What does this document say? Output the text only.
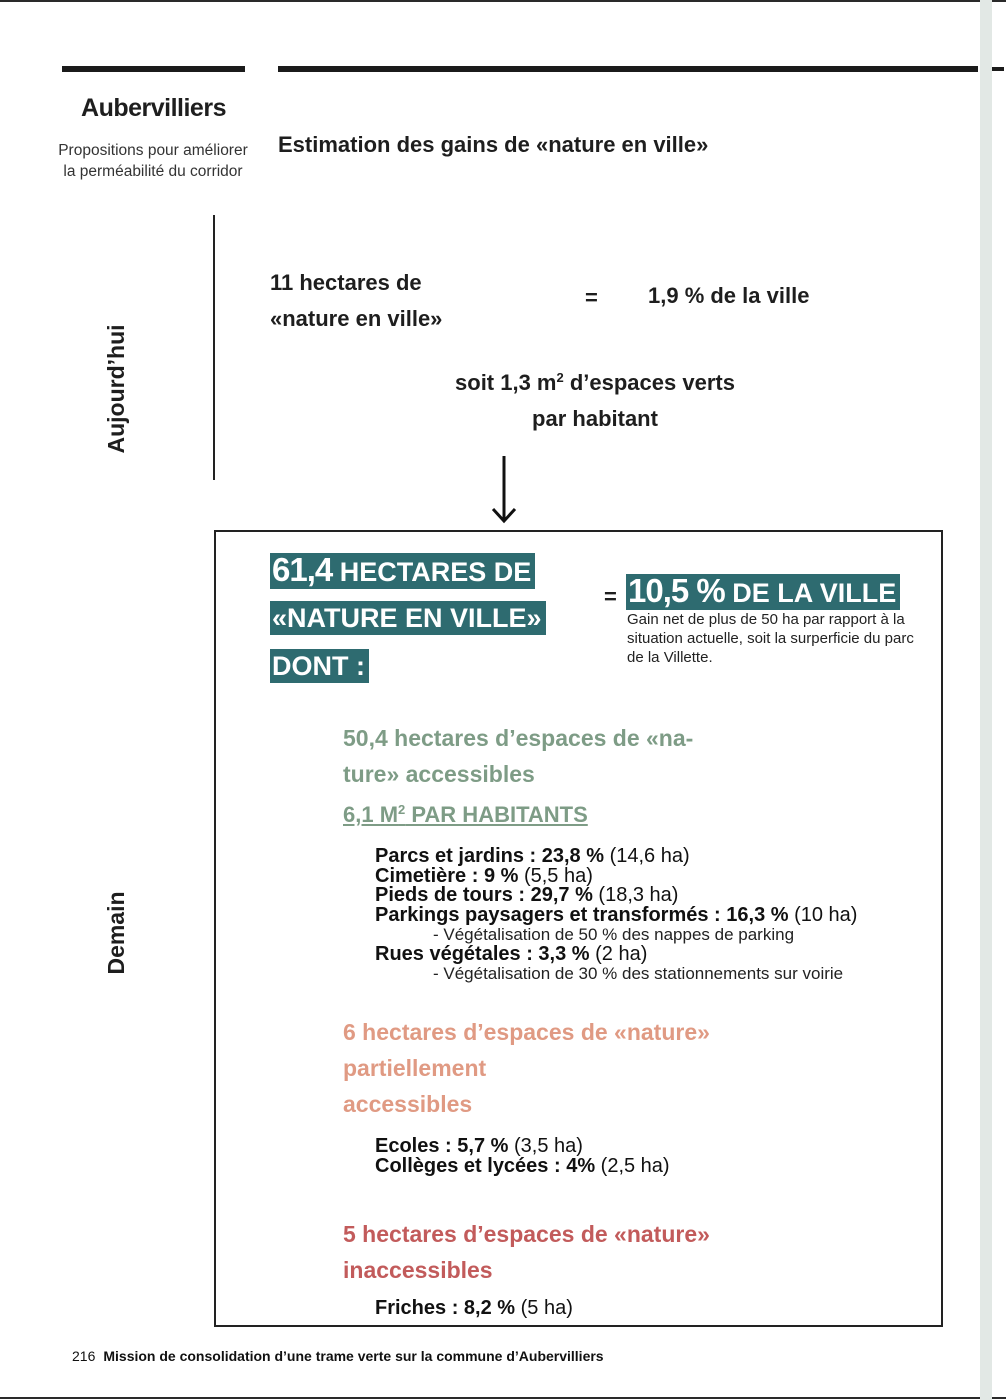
Aubervilliers
Propositions pour améliorer la perméabilité du corridor
Estimation des gains de «nature en ville»
Aujourd’hui
11 hectares de
«nature en ville»
= 1,9 % de la ville
soit 1,3 $m^2$ d’espaces verts
par habitant
Demain
61,4 HECTARES DE
«NATURE EN VILLE»
DONT :
= 10,5 % DE LA VILLE
Gain net de plus de 50 ha par rapport à la situation actuelle, soit la surperficie du parc de la Villette.
50,4 hectares d’espaces de «na-
ture» accessibles
6,1 $M^2$ PAR HABITANTS
Parcs et jardins : 23,8 % (14,6 ha)
Cimetière : 9 % (5,5 ha)
Pieds de tours : 29,7 % (18,3 ha)
Parkings paysagers et transformés : 16,3 % (10 ha)
- Végétalisation de 50 % des nappes de parking
Rues végétales : 3,3 % (2 ha)
- Végétalisation de 30 % des stationnements sur voirie
6 hectares d’espaces de «nature»
partiellement
accessibles
Ecoles : 5,7 % (3,5 ha)
Collèges et lycées : 4% (2,5 ha)
5 hectares d’espaces de «nature»
inaccessibles
Friches : 8,2 % (5 ha)
216 Mission de consolidation d’une trame verte sur la commune d’Aubervilliers
